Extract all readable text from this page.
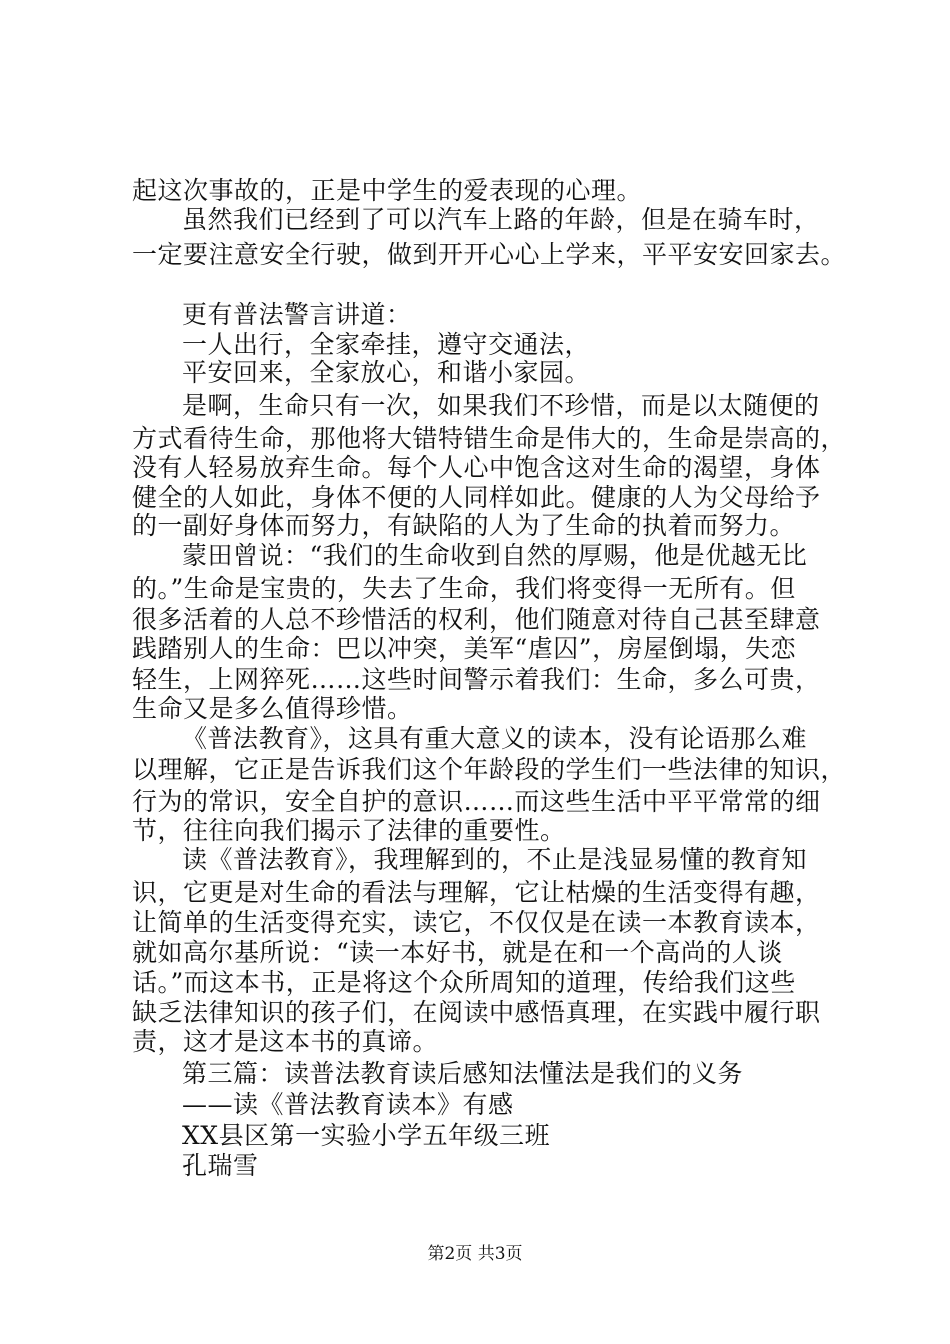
起这次事故的，正是中学生的爱表现的心理。
虽然我们已经到了可以汽车上路的年龄，但是在骑车时，
一定要注意安全行驶，做到开开心心上学来，平平安安回家去。
更有普法警言讲道：
一人出行，全家牵挂，遵守交通法，
平安回来，全家放心，和谐小家园。
是啊，生命只有一次，如果我们不珍惜，而是以太随便的
方式看待生命，那他将大错特错生命是伟大的，生命是崇高的，
没有人轻易放弃生命。每个人心中饱含这对生命的渴望，身体
健全的人如此，身体不便的人同样如此。健康的人为父母给予
的一副好身体而努力，有缺陷的人为了生命的执着而努力。
蒙田曾说：“我们的生命收到自然的厚赐，他是优越无比
的。”生命是宝贵的，失去了生命，我们将变得一无所有。但
很多活着的人总不珍惜活的权利，他们随意对待自己甚至肆意
践踏别人的生命：巴以冲突，美军“虐囚”，房屋倒塌，失恋
轻生，上网猝死……这些时间警示着我们：生命，多么可贵，
生命又是多么值得珍惜。
《普法教育》，这具有重大意义的读本，没有论语那么难
以理解，它正是告诉我们这个年龄段的学生们一些法律的知识，
行为的常识，安全自护的意识……而这些生活中平平常常的细
节，往往向我们揭示了法律的重要性。
读《普法教育》，我理解到的，不止是浅显易懂的教育知
识，它更是对生命的看法与理解，它让枯燥的生活变得有趣，
让简单的生活变得充实，读它，不仅仅是在读一本教育读本，
就如高尔基所说：“读一本好书，就是在和一个高尚的人谈
话。”而这本书，正是将这个众所周知的道理，传给我们这些
缺乏法律知识的孩子们，在阅读中感悟真理，在实践中履行职
责，这才是这本书的真谛。
第三篇：读普法教育读后感知法懂法是我们的义务
——读《普法教育读本》有感
XX县区第一实验小学五年级三班
孔瑞雪
第2页 共3页
